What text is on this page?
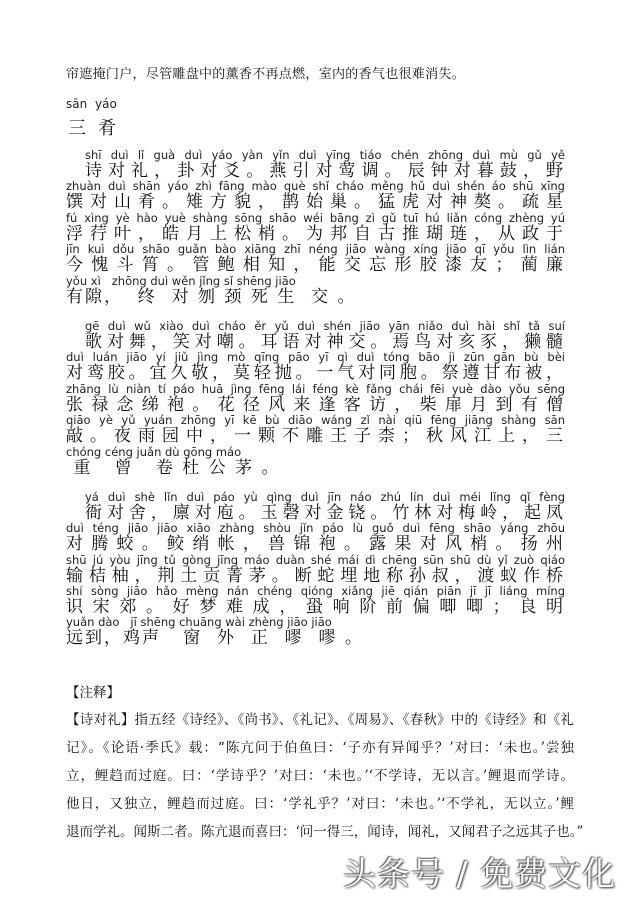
帘遮掩门户，尽管雕盘中的薰香不再点燃，室内的香气也很难消失。
sān yáo
三肴
shī duì lǐ guà duì yáo yàn yǐn duì yīng tiáo chén zhōng duì mù gǔ yě
诗对礼，卦对爻。燕引对莺调。辰钟对暮鼓，野
zhuàn duì shān yáo zhì fāng mào què shǐ cháo měng hǔ duì shén áo shū xīng
馔对山肴。雉方貌，鹊始巢。猛虎对神獒。疏星
fú xìng yè hào yuè shàng sōng shāo wéi bāng zì gǔ tuī hú liǎn cóng zhèng yú
浮荇叶，皓月上松梢。为邦自古推瑚琏，从政于
jīn kuì dǒu shāo guǎn bào xiāng zhī néng jiāo wàng xíng jiāo qī yǒu lìn lián
今愧斗筲。管鲍相知，能交忘形胶漆友；蔺廉
yǒu xì   zhōng duì wěn jǐng sǐ shēng jiāo
有隙，  终  对 刎 颈 死 生  交 。
gē duì wǔ xiào duì cháo ěr yǔ duì shén jiāo yān niǎo duì hài shǐ tǎ suí
歌对舞，笑对嘲。耳语对神交。焉鸟对亥豕，獭髓
duì luán jiāo yí jiǔ jìng mò qīng pāo yī qì duì tóng bāo jì zūn gān bù bèi
对鸾胶。宜久敬，莫轻抛。一气对同胞。祭遵甘布被，
zhāng lù niàn tí páo huā jìng fēng lái féng kè fǎng chái fēi yuè dào yǒu sēng
张禄念绨袍。花径风来逢客访，柴扉月到有僧
qiāo yè yǔ yuán zhōng yī kē bù diāo wáng zǐ nài qiū fēng jiāng shàng sān
敲。夜雨园中，一颗不雕王子柰；秋风江上，三
chóng céng juǎn dù gōng máo
重   曾   卷 杜 公 茅 。
yá duì shè lǐn duì páo yù qìng duì jīn náo zhú lín duì méi lǐng qǐ fèng
衙对舍，廪对庖。玉磬对金铙。竹林对梅岭，起凤
duì téng jiāo jiāo xiāo zhàng shòu jǐn páo lù guǒ duì fēng shāo yáng zhōu
对腾蛟。鲛绡帐，兽锦袍。露果对风梢。扬州
shū jú yòu jīng tǔ gòng jīng máo duàn shé mái dì chēng sūn shū dù yǐ zuò qiáo
输桔柚，荆土贡菁茅。断蛇埋地称孙叔，渡蚁作桥
shí sòng jiāo hǎo mèng nán chéng qióng xiǎng jiē qián piān jī jī liáng míng
识宋郊。好梦难成，蛩响阶前偏唧唧；良明
yuǎn dào   jī shēng chuāng wài zhèng jiāo jiāo
远到，鸡声   窗  外  正  嘐  嘐 。
【注释】
【诗对礼】指五经《诗经》、《尚书》、《礼记》、《周易》、《春秋》中的《诗经》和《礼
记》。《论语·季氏》载：“陈亢问于伯鱼曰：‘子亦有异闻乎？’对曰：‘未也。’尝独
立，鲤趋而过庭。曰：‘学诗乎？’对曰：‘未也。’‘不学诗，无以言。’鲤退而学诗。
他日，又独立，鲤趋而过庭。曰：‘学礼乎？’对曰：‘未也。’‘不学礼，无以立。’鲤
退而学礼。闻斯二者。陈亢退而喜曰：‘问一得三，闻诗，闻礼，又闻君子之远其子也。”
头条号 / 免费文化
